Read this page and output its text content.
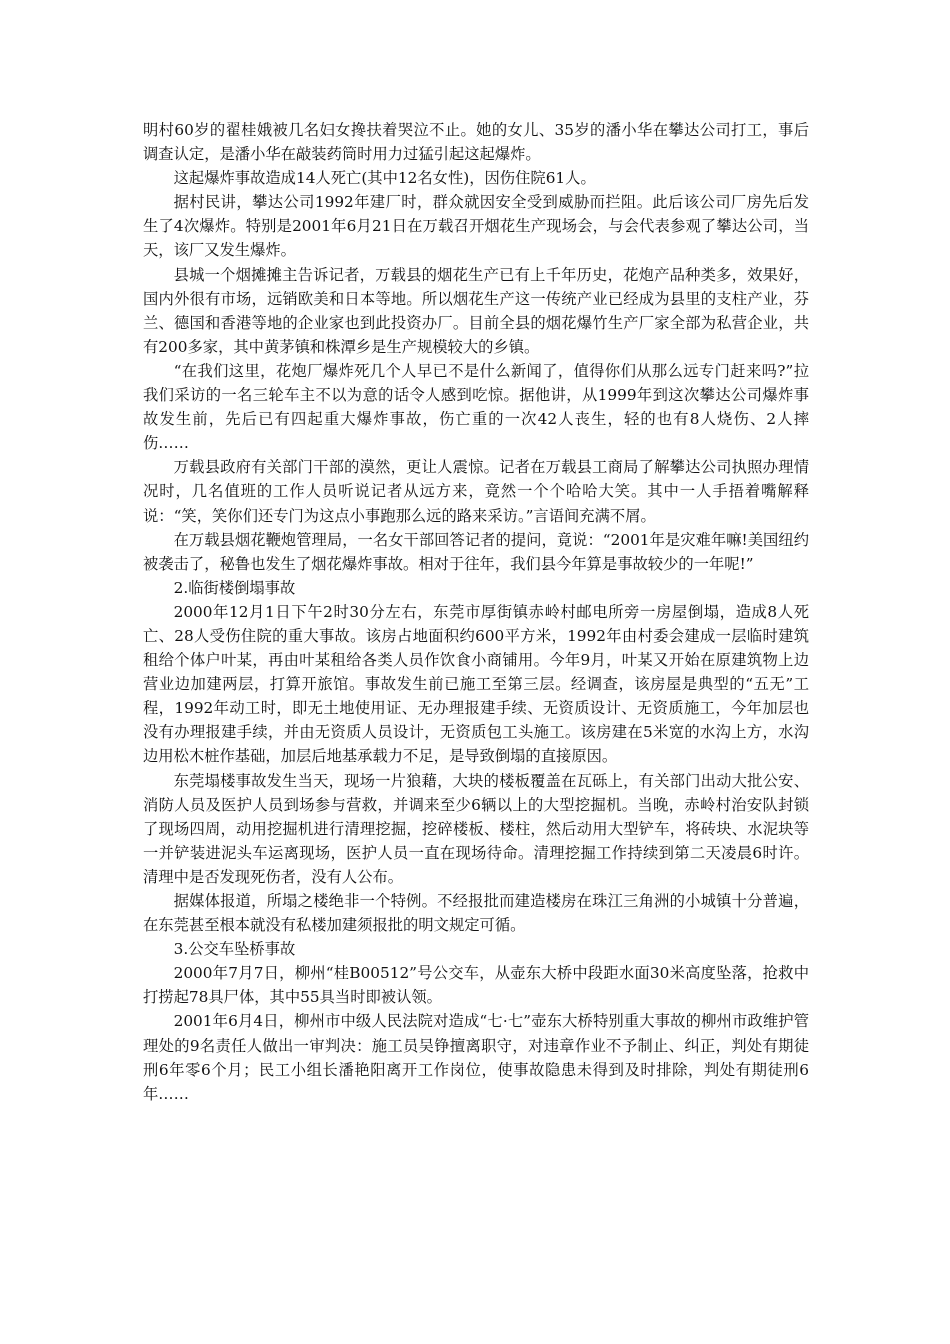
明村60岁的翟桂娥被几名妇女搀扶着哭泣不止。她的女儿、35岁的潘小华在攀达公司打工，事后调查认定，是潘小华在敲装药筒时用力过猛引起这起爆炸。

这起爆炸事故造成14人死亡(其中12名女性)，因伤住院61人。

据村民讲，攀达公司1992年建厂时，群众就因安全受到威胁而拦阻。此后该公司厂房先后发生了4次爆炸。特别是2001年6月21日在万载召开烟花生产现场会，与会代表参观了攀达公司，当天，该厂又发生爆炸。

县城一个烟摊摊主告诉记者，万载县的烟花生产已有上千年历史，花炮产品种类多，效果好，国内外很有市场，远销欧美和日本等地。所以烟花生产这一传统产业已经成为县里的支柱产业，芬兰、德国和香港等地的企业家也到此投资办厂。目前全县的烟花爆竹生产厂家全部为私营企业，共有200多家，其中黄茅镇和株潭乡是生产规模较大的乡镇。

“在我们这里，花炮厂爆炸死几个人早已不是什么新闻了，值得你们从那么远专门赶来吗?”拉我们采访的一名三轮车主不以为意的话令人感到吃惊。据他讲，从1999年到这次攀达公司爆炸事故发生前，先后已有四起重大爆炸事故，伤亡重的一次42人丧生，轻的也有8人烧伤、2人摔伤……

万载县政府有关部门干部的漠然，更让人震惊。记者在万载县工商局了解攀达公司执照办理情况时，几名值班的工作人员听说记者从远方来，竟然一个个哈哈大笑。其中一人手捂着嘴解释说：“笑，笑你们还专门为这点小事跑那么远的路来采访。”言语间充满不屑。

在万载县烟花鞭炮管理局，一名女干部回答记者的提问，竟说：“2001年是灾难年嘛!美国纽约被袭击了，秘鲁也发生了烟花爆炸事故。相对于往年，我们县今年算是事故较少的一年呢!”

2.临街楼倒塌事故

2000年12月1日下午2时30分左右，东莞市厚街镇赤岭村邮电所旁一房屋倒塌，造成8人死亡、28人受伤住院的重大事故。该房占地面积约600平方米，1992年由村委会建成一层临时建筑租给个体户叶某，再由叶某租给各类人员作饮食小商铺用。今年9月，叶某又开始在原建筑物上边营业边加建两层，打算开旅馆。事故发生前已施工至第三层。经调查，该房屋是典型的“五无”工程，1992年动工时，即无土地使用证、无办理报建手续、无资质设计、无资质施工，今年加层也没有办理报建手续，并由无资质人员设计，无资质包工头施工。该房建在5米宽的水沟上方，水沟边用松木桩作基础，加层后地基承载力不足，是导致倒塌的直接原因。

东莞塌楼事故发生当天，现场一片狼藉，大块的楼板覆盖在瓦砾上，有关部门出动大批公安、消防人员及医护人员到场参与营救，并调来至少6辆以上的大型挖掘机。当晚，赤岭村治安队封锁了现场四周，动用挖掘机进行清理挖掘，挖碎楼板、楼柱，然后动用大型铲车，将砖块、水泥块等一并铲装进泥头车运离现场，医护人员一直在现场待命。清理挖掘工作持续到第二天凌晨6时许。清理中是否发现死伤者，没有人公布。

据媒体报道，所塌之楼绝非一个特例。不经报批而建造楼房在珠江三角洲的小城镇十分普遍，在东莞甚至根本就没有私楼加建须报批的明文规定可循。

3.公交车坠桥事故

2000年7月7日，柳州“桂B00512”号公交车，从壶东大桥中段距水面30米高度坠落，抢救中打捞起78具尸体，其中55具当时即被认领。

2001年6月4日，柳州市中级人民法院对造成“七·七”壶东大桥特别重大事故的柳州市政维护管理处的9名责任人做出一审判决：施工员吴铮擅离职守，对违章作业不予制止、纠正，判处有期徒刑6年零6个月；民工小组长潘艳阳离开工作岗位，使事故隐患未得到及时排除，判处有期徒刑6年……
